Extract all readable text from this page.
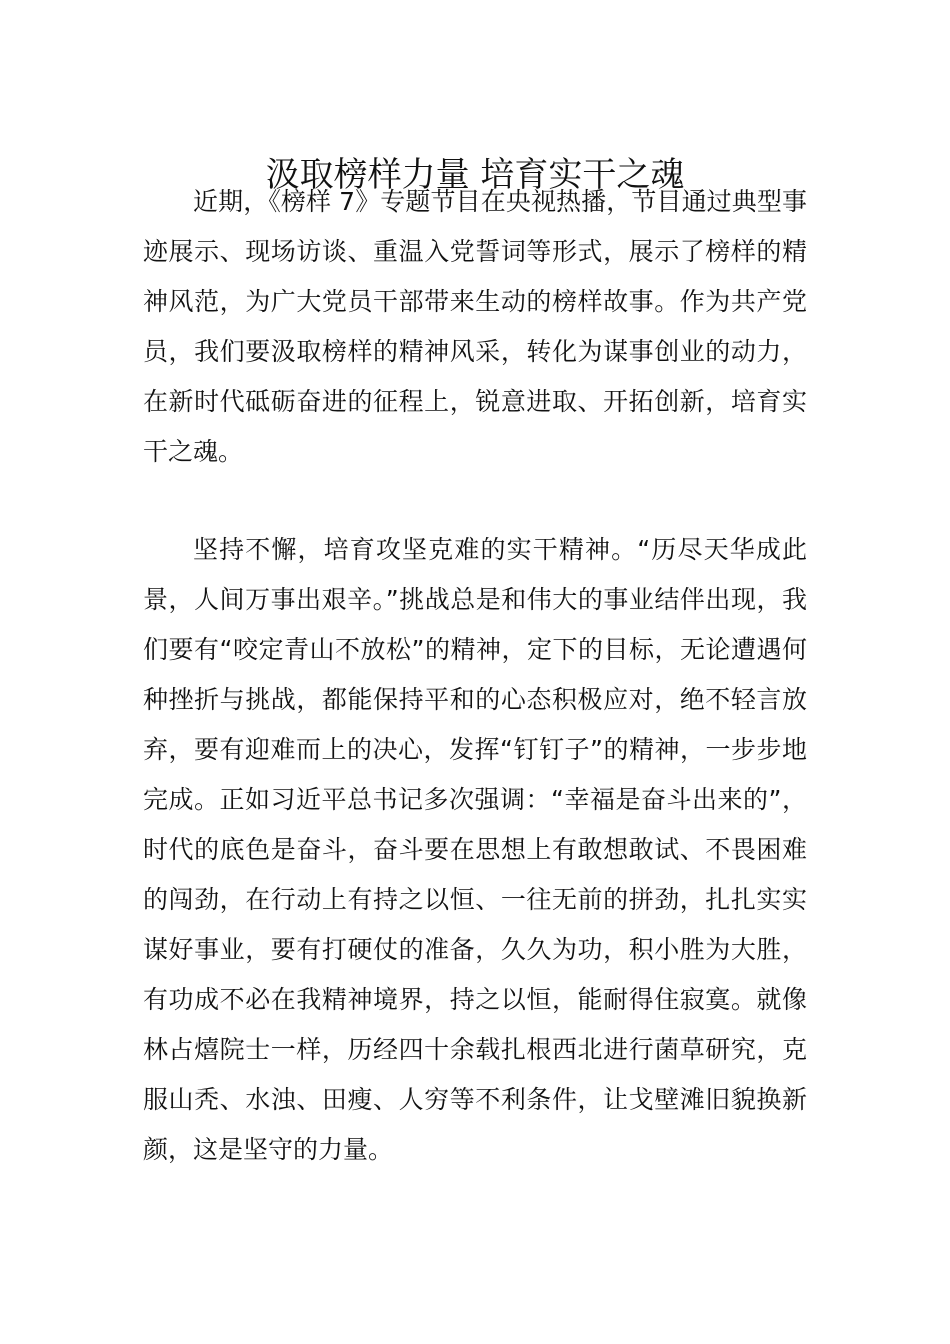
汲取榜样力量 培育实干之魂

近期，《榜样 7》专题节目在央视热播，节目通过典型事迹展示、现场访谈、重温入党誓词等形式，展示了榜样的精神风范，为广大党员干部带来生动的榜样故事。作为共产党员，我们要汲取榜样的精神风采，转化为谋事创业的动力，在新时代砥砺奋进的征程上，锐意进取、开拓创新，培育实干之魂。

坚持不懈，培育攻坚克难的实干精神。“历尽天华成此景，人间万事出艰辛。”挑战总是和伟大的事业结伴出现，我们要有“咬定青山不放松”的精神，定下的目标，无论遭遇何种挫折与挑战，都能保持平和的心态积极应对，绝不轻言放弃，要有迎难而上的决心，发挥“钉钉子”的精神，一步步地完成。正如习近平总书记多次强调：“幸福是奋斗出来的”，时代的底色是奋斗，奋斗要在思想上有敢想敢试、不畏困难的闯劲，在行动上有持之以恒、一往无前的拼劲，扎扎实实谋好事业，要有打硬仗的准备，久久为功，积小胜为大胜，有功成不必在我精神境界，持之以恒，能耐得住寂寞。就像林占熺院士一样，历经四十余载扎根西北进行菌草研究，克服山秃、水浊、田瘦、人穷等不利条件，让戈壁滩旧貌换新颜，这是坚守的力量。
